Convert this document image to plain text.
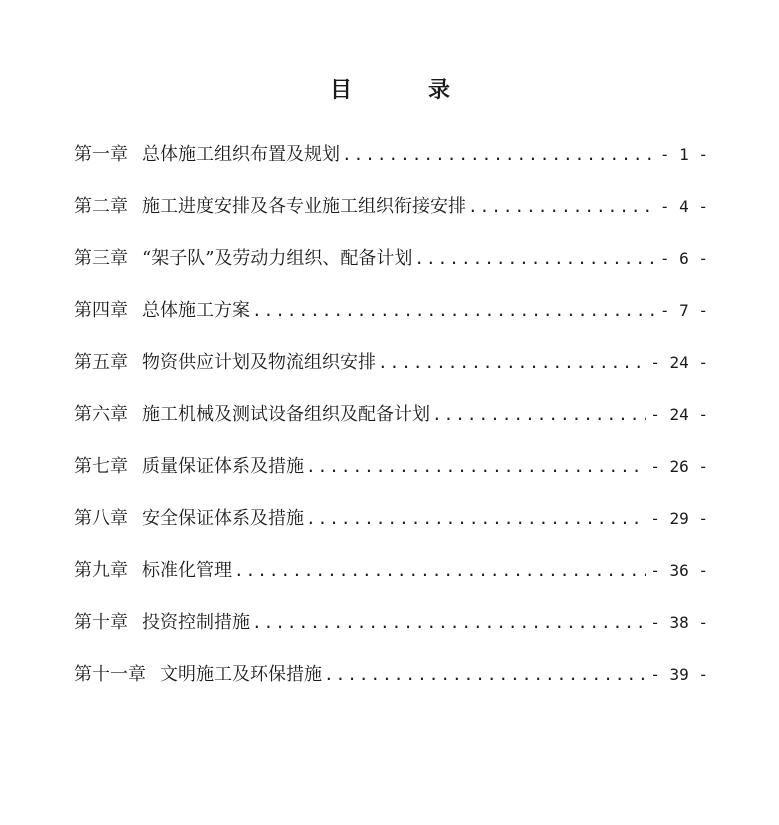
目	录
第一章 总体施工组织布置及规划 .....	- 1 -
第二章 施工进度安排及各专业施工组织衔接安排 .....	- 4 -
第三章 “架子队”及劳动力组织、配备计划 .....	- 6 -
第四章 总体施工方案 .....	- 7 -
第五章 物资供应计划及物流组织安排 .....	- 24 -
第六章 施工机械及测试设备组织及配备计划 .....	- 24 -
第七章 质量保证体系及措施 .....	- 26 -
第八章 安全保证体系及措施 .....	- 29 -
第九章 标准化管理 .....	- 36 -
第十章 投资控制措施 .....	- 38 -
第十一章 文明施工及环保措施 .....	- 39 -
